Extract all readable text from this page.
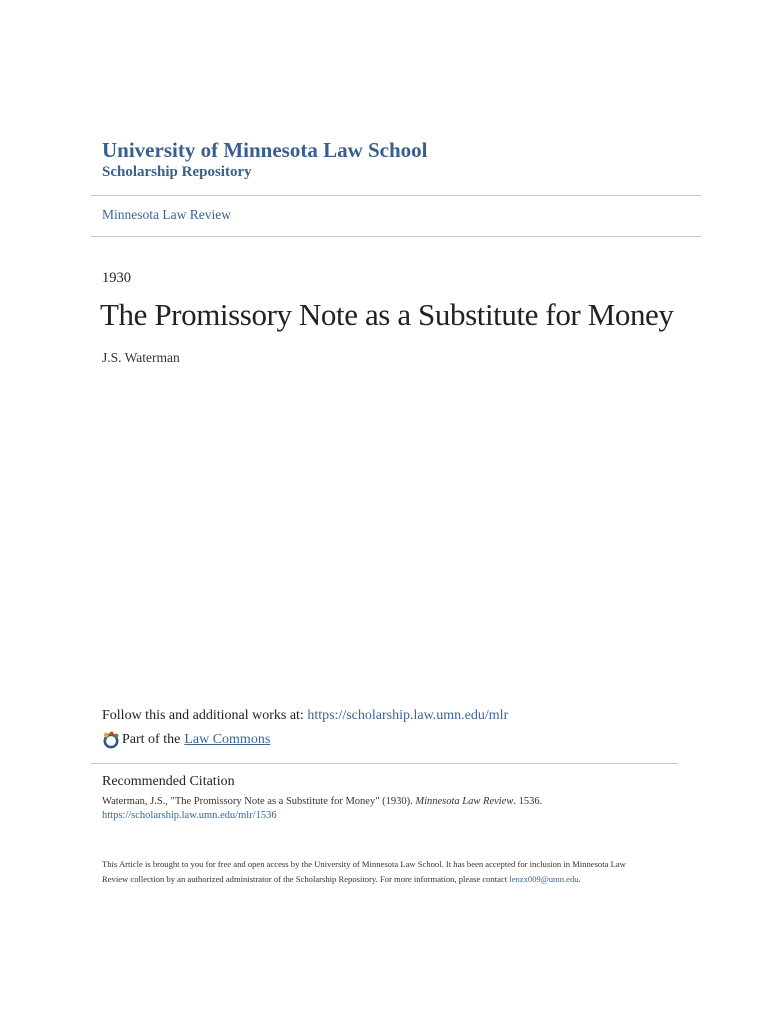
University of Minnesota Law School
Scholarship Repository
Minnesota Law Review
1930
The Promissory Note as a Substitute for Money
J.S. Waterman
Follow this and additional works at: https://scholarship.law.umn.edu/mlr
Part of the Law Commons
Recommended Citation
Waterman, J.S., "The Promissory Note as a Substitute for Money" (1930). Minnesota Law Review. 1536.
https://scholarship.law.umn.edu/mlr/1536
This Article is brought to you for free and open access by the University of Minnesota Law School. It has been accepted for inclusion in Minnesota Law
Review collection by an authorized administrator of the Scholarship Repository. For more information, please contact lenzx009@umn.edu.
